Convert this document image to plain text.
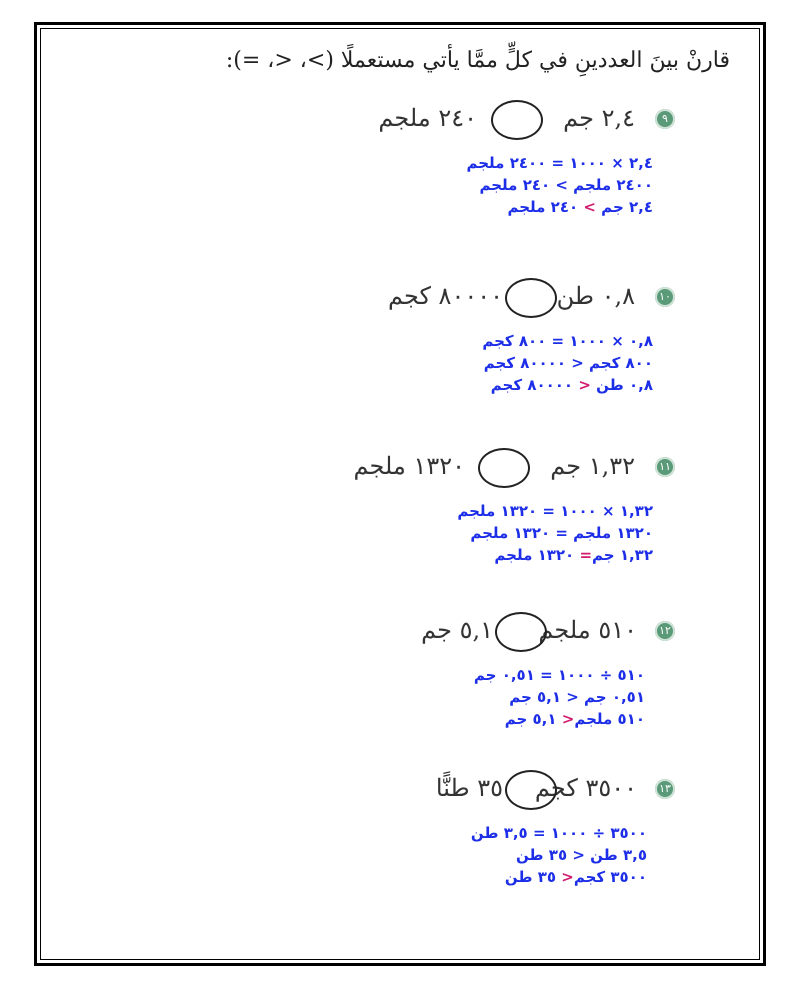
قارنْ بينَ العددينِ في كلٍّ ممَّا يأتي مستعملًا (>، <، =):
٩
٢,٤ جم
٢٤٠ ملجم
٢,٤ × ١٠٠٠ = ٢٤٠٠ ملجم
٢٤٠٠ ملجم > ٢٤٠ ملجم
٢,٤ جم > ٢٤٠ ملجم
١٠
٠,٨ طن
٨٠٠٠٠ كجم
٠,٨ × ١٠٠٠ = ٨٠٠ كجم
٨٠٠ كجم < ٨٠٠٠٠ كجم
٠,٨ طن < ٨٠٠٠٠ كجم
١١
١,٣٢ جم
١٣٢٠ ملجم
١,٣٢ × ١٠٠٠ = ١٣٢٠ ملجم
١٣٢٠ ملجم = ١٣٢٠ ملجم
١,٣٢ جم= ١٣٢٠ ملجم
١٢
٥١٠ ملجم
٥,١ جم
٥١٠ ÷ ١٠٠٠ = ٠,٥١ جم
٠,٥١ جم < ٥,١ جم
٥١٠ ملجم< ٥,١ جم
١٣
٣٥٠٠ كجم
٣٥ طنًّا
٣٥٠٠ ÷ ١٠٠٠ = ٣,٥ طن
٣,٥ طن < ٣٥ طن
٣٥٠٠ كجم< ٣٥ طن
